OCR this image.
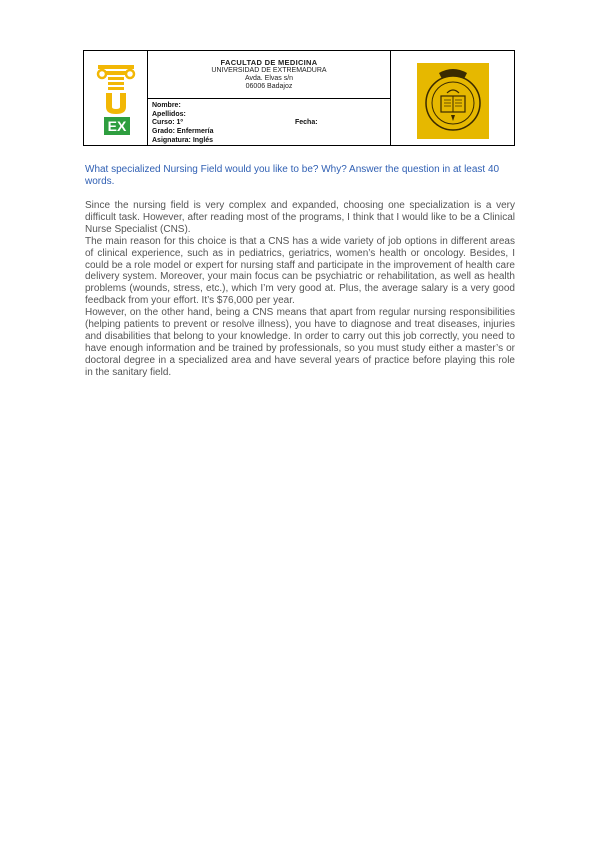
EX
FACULTAD DE MEDICINA
UNIVERSIDAD DE EXTREMADURA
Avda. Elvas s/n
06006 Badajoz
Nombre:
Apellidos:
Curso: 1º	Fecha:
Grado: Enfermería
Asignatura: Inglés

What specialized Nursing Field would you like to be? Why? Answer the question in at least 40 words.

Since the nursing field is very complex and expanded, choosing one specialization is a very difficult task. However, after reading most of the programs, I think that I would like to be a Clinical Nurse Specialist (CNS).

The main reason for this choice is that a CNS has a wide variety of job options in different areas of clinical experience, such as in pediatrics, geriatrics, women’s health or oncology. Besides, I could be a role model or expert for nursing staff and participate in the improvement of health care delivery system. Moreover, your main focus can be psychiatric or rehabilitation, as well as health problems (wounds, stress, etc.), which I’m very good at. Plus, the average salary is a very good feedback from your effort. It’s $76,000 per year.

However, on the other hand, being a CNS means that apart from regular nursing responsibilities (helping patients to prevent or resolve illness), you have to diagnose and treat diseases, injuries and disabilities that belong to your knowledge. In order to carry out this job correctly, you need to have enough information and be trained by professionals, so you must study either a master’s or doctoral degree in a specialized area and have several years of practice before playing this role in the sanitary field.
